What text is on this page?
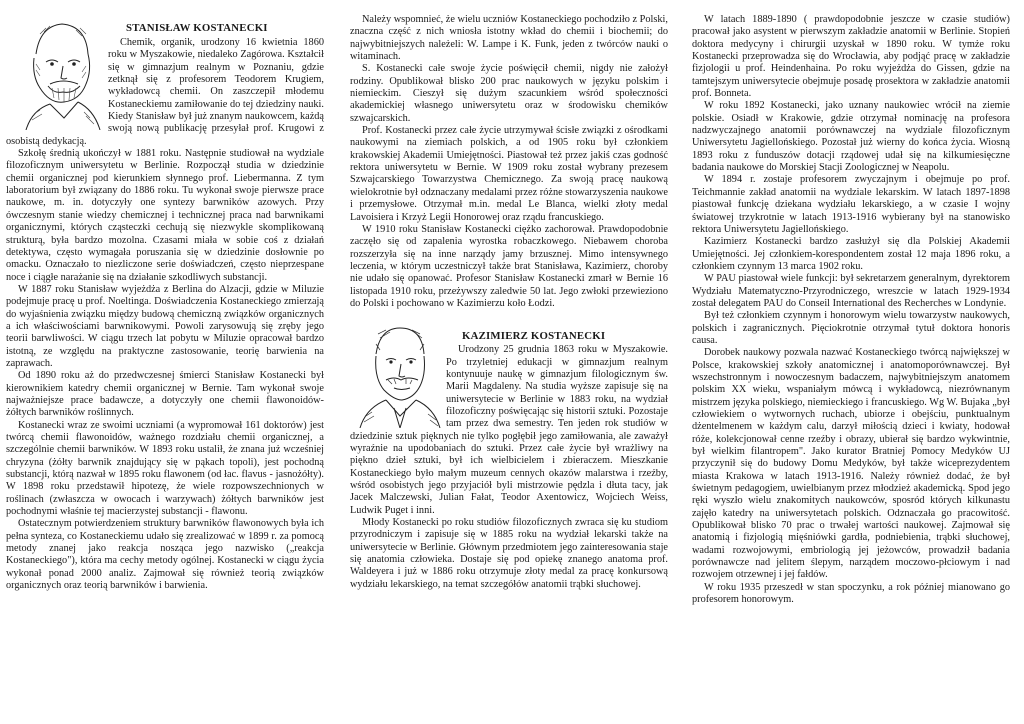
STANISŁAW KOSTANECKI

Chemik, organik, urodzony 16 kwietnia 1860 roku w Myszakowie, niedaleko Zagórowa. Kształcił się w gimnazjum realnym w Poznaniu, gdzie zetknął się z profesorem Teodorem Krugiem, wykładowcą chemii. On zaszczepił młodemu Kostaneckiemu zamiłowanie do tej dziedziny nauki. Kiedy Stanisław był już znanym naukowcem, każdą swoją nową publikację przesyłał prof. Krugowi z osobistą dedykacją.

Szkołę średnią ukończył w 1881 roku. Następnie studiował na wydziale filozoficznym uniwersytetu w Berlinie. Rozpoczął studia w dziedzinie chemii organicznej pod kierunkiem słynnego prof. Liebermanna. Z tym laboratorium był związany do 1886 roku. Tu wykonał swoje pierwsze prace naukowe, m. in. dotyczyły one syntezy barwników azowych. Przy ówczesnym stanie wiedzy chemicznej i technicznej praca nad barwnikami organicznymi, których cząsteczki cechują się niezwykle skomplikowaną strukturą, była bardzo mozolna. Czasami miała w sobie coś z działań detektywa, często wymagała poruszania się w dziedzinie dosłownie po omacku. Oznaczało to niezliczone serie doświadczeń, często nieprzespane noce i ciągłe narażanie się na działanie szkodliwych substancji.

W 1887 roku Stanisław wyjeżdża z Berlina do Alzacji, gdzie w Miluzie podejmuje pracę u prof. Noeltinga. Doświadczenia Kostaneckiego zmierzają do wyjaśnienia związku między budową chemiczną związków organicznych a ich właściwościami barwnikowymi. Powoli zarysowują się zręby jego teorii barwliwości. W ciągu trzech lat pobytu w Miluzie opracował bardzo istotną, ze względu na praktyczne zastosowanie, teorię barwienia na zaprawach.

Od 1890 roku aż do przedwczesnej śmierci Stanisław Kostanecki był kierownikiem katedry chemii organicznej w Bernie. Tam wykonał swoje najważniejsze prace badawcze, a dotyczyły one chemii flawonoidów- żółtych barwników roślinnych.

Kostanecki wraz ze swoimi uczniami (a wypromował 161 doktorów) jest twórcą chemii flawonoidów, ważnego rozdziału chemii organicznej, a szczególnie chemii barwników. W 1893 roku ustalił, że znana już wcześniej chryzyna (żółty barwnik znajdujący się w pąkach topoli), jest pochodną substancji, którą nazwał w 1895 roku flawonem (od łac. flavus - jasnożółty). W 1898 roku przedstawił hipotezę, że wiele rozpowszechnionych w roślinach (zwłaszcza w owocach i warzywach) żółtych barwników jest pochodnymi właśnie tej macierzystej substancji - flawonu.

Ostatecznym potwierdzeniem struktury barwników flawonowych była ich pełna synteza, co Kostaneckiemu udało się zrealizować w 1899 r. za pomocą metody znanej jako reakcja nosząca jego nazwisko („reakcja Kostaneckiego"), która ma cechy metody ogólnej. Kostanecki w ciągu życia wykonał ponad 2000 analiz. Zajmował się również teorią związków organicznych oraz teorią barwników i barwienia.

Należy wspomnieć, że wielu uczniów Kostaneckiego pochodziło z Polski, znaczna część z nich wniosła istotny wkład do chemii i biochemii; do najwybitniejszych należeli: W. Lampe i K. Funk, jeden z twórców nauki o witaminach.

S. Kostanecki całe swoje życie poświęcił chemii, nigdy nie założył rodziny. Opublikował blisko 200 prac naukowych w języku polskim i niemieckim. Cieszył się dużym szacunkiem wśród społeczności akademickiej własnego uniwersytetu oraz w środowisku chemików szwajcarskich.

Prof. Kostanecki przez całe życie utrzymywał ścisłe związki z ośrodkami naukowymi na ziemiach polskich, a od 1905 roku był członkiem krakowskiej Akademii Umiejętności. Piastował też przez jakiś czas godność rektora uniwersytetu w Bernie. W 1909 roku został wybrany prezesem Szwajcarskiego Towarzystwa Chemicznego. Za swoją pracę naukową wielokrotnie był odznaczany medalami przez różne stowarzyszenia naukowe i przemysłowe. Otrzymał m.in. medal Le Blanca, wielki złoty medal Lavoisiera i Krzyż Legii Honorowej oraz rządu francuskiego.

W 1910 roku Stanisław Kostanecki ciężko zachorował. Prawdopodobnie zaczęło się od zapalenia wyrostka robaczkowego. Niebawem choroba rozszerzyła się na inne narządy jamy brzusznej. Mimo intensywnego leczenia, w którym uczestniczył także brat Stanisława, Kazimierz, choroby nie udało się opanować. Profesor Stanisław Kostanecki zmarł w Bernie 16 listopada 1910 roku, przeżywszy zaledwie 50 lat. Jego zwłoki przewieziono do Polski i pochowano w Kazimierzu koło Łodzi.

KAZIMIERZ KOSTANECKI

Urodzony 25 grudnia 1863 roku w Myszakowie. Po trzyletniej edukacji w gimnazjum realnym kontynuuje naukę w gimnazjum filologicznym św. Marii Magdaleny. Na studia wyższe zapisuje się na uniwersytecie w Berlinie w 1883 roku, na wydział filozoficzny poświęcając się historii sztuki. Pozostaje tam przez dwa semestry. Ten jeden rok studiów w dziedzinie sztuk pięknych nie tylko pogłębił jego zamiłowania, ale zaważył wyraźnie na upodobaniach do sztuki. Przez całe życie był wrażliwy na piękno dzieł sztuki, był ich wielbicielem i zbieraczem. Mieszkanie Kostaneckiego było małym muzeum cennych okazów malarstwa i rzeźby, wśród osobistych jego przyjaciół byli mistrzowie pędzla i dłuta tacy, jak Jacek Malczewski, Julian Fałat, Teodor Axentowicz, Wojciech Weiss, Ludwik Puget i inni.

Młody Kostanecki po roku studiów filozoficznych zwraca się ku studiom przyrodniczym i zapisuje się w 1885 roku na wydział lekarski także na uniwersytecie w Berlinie. Głównym przedmiotem jego zainteresowania staje się anatomia człowieka. Dostaje się pod opiekę znanego anatoma prof. Waldeyera i już w 1886 roku otrzymuje złoty medal za pracę konkursową wydziału lekarskiego, na temat szczegółów anatomii trąbki słuchowej.

W latach 1889-1890 ( prawdopodobnie jeszcze w czasie studiów) pracował jako asystent w pierwszym zakładzie anatomii w Berlinie. Stopień doktora medycyny i chirurgii uzyskał w 1890 roku. W tymże roku Kostanecki przeprowadza się do Wrocławia, aby podjąć pracę w zakładzie fizjologii u prof. Heindenhaina. Po roku wyjeżdża do Gissen, gdzie na tamtejszym uniwersytecie obejmuje posadę prosektora w zakładzie anatomii prof. Bonneta.

W roku 1892 Kostanecki, jako uznany naukowiec wrócił na ziemie polskie. Osiadł w Krakowie, gdzie otrzymał nominację na profesora nadzwyczajnego anatomii porównawczej na wydziale filozoficznym Uniwersytetu Jagiellońskiego. Pozostał już wierny do końca życia. Wiosną 1893 roku z funduszów dotacji rządowej udał się na kilkumiesięczne badania naukowe do Morskiej Stacji Zoologicznej w Neapolu.

W 1894 r. zostaje profesorem zwyczajnym i obejmuje po prof. Teichmannie zakład anatomii na wydziale lekarskim. W latach 1897-1898 piastował funkcję dziekana wydziału lekarskiego, a w czasie I wojny światowej trzykrotnie w latach 1913-1916 wybierany był na stanowisko rektora Uniwersytetu Jagiellońskiego.

Kazimierz Kostanecki bardzo zasłużył się dla Polskiej Akademii Umiejętności. Jej członkiem-korespondentem został 12 maja 1896 roku, a członkiem czynnym 13 marca 1902 roku.

W PAU piastował wiele funkcji: był sekretarzem generalnym, dyrektorem Wydziału Matematyczno-Przyrodniczego, wreszcie w latach 1929-1934 został delegatem PAU do Conseil International des Recherches w Londynie.

Był też członkiem czynnym i honorowym wielu towarzystw naukowych, polskich i zagranicznych. Pięciokrotnie otrzymał tytuł doktora honoris causa.

Dorobek naukowy pozwala nazwać Kostaneckiego twórcą największej w Polsce, krakowskiej szkoły anatomicznej i anatomoporównawczej. Był wszechstronnym i nowoczesnym badaczem, najwybitniejszym anatomem polskim XX wieku, wspaniałym mówcą i wykładowcą, niezrównanym mistrzem języka polskiego, niemieckiego i francuskiego. Wg W. Bujaka „był człowiekiem o wytwornych ruchach, ubiorze i obejściu, punktualnym dżentelmenem w każdym calu, darzył miłością dzieci i kwiaty, hodował róże, kolekcjonował cenne rzeźby i obrazy, ubierał się bardzo wykwintnie, był wielkim filantropem". Jako kurator Bratniej Pomocy Medyków UJ przyczynił się do budowy Domu Medyków, był także wiceprezydentem miasta Krakowa w latach 1913-1916. Należy również dodać, że był świetnym pedagogiem, uwielbianym przez młodzież akademicką. Spod jego ręki wyszło wielu znakomitych naukowców, sposród których kilkunastu zajęło katedry na uniwersytetach polskich. Odznaczała go pracowitość. Opublikował blisko 70 prac o trwałej wartości naukowej. Zajmował się anatomią i fizjologią mięśniówki gardła, podniebienia, trąbki słuchowej, wadami rozwojowymi, embriologią jej jeżowców, prowadził badania porównawcze nad jelitem ślepym, narządem moczowo-płciowym i nad rozwojem otrzewnej i jej fałdów.

W roku 1935 przeszedł w stan spoczynku, a rok później mianowano go profesorem honorowym.
